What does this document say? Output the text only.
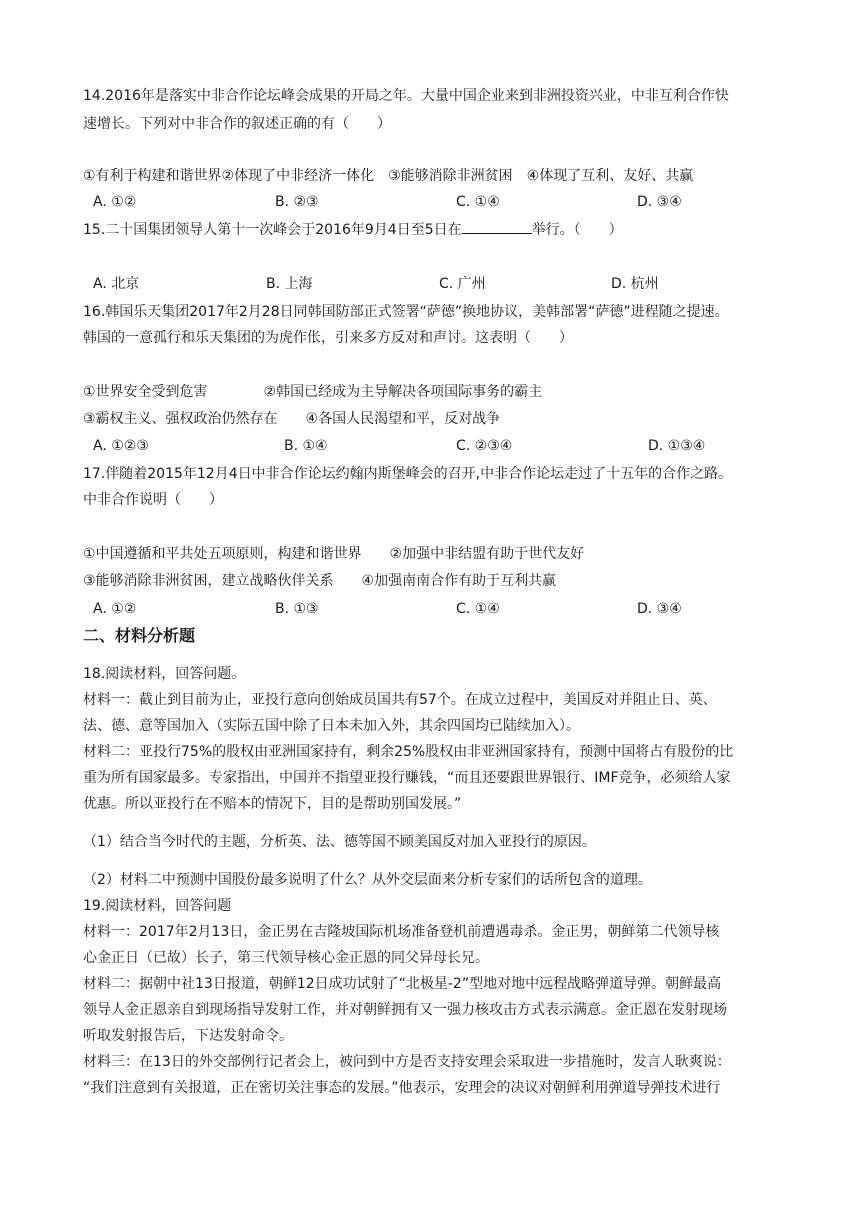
14.2016年是落实中非合作论坛峰会成果的开局之年。大量中国企业来到非洲投资兴业，中非互利合作快
速增长。下列对中非合作的叙述正确的有（　　）
①有利于构建和谐世界②体现了中非经济一体化　③能够消除非洲贫困　④体现了互利、友好、共赢
A. ①②	B. ②③	C. ①④	D. ③④
15.二十国集团领导人第十一次峰会于2016年9月4日至5日在	举行。（　　）
A. 北京	B. 上海	C. 广州	D. 杭州
16.韩国乐天集团2017年2月28日同韩国防部正式签署“萨德”换地协议，美韩部署“萨德”进程随之提速。
韩国的一意孤行和乐天集团的为虎作伥，引来多方反对和声讨。这表明（　　）
①世界安全受到危害　　　　②韩国已经成为主导解决各项国际事务的霸主
③霸权主义、强权政治仍然存在　　④各国人民渴望和平，反对战争
A. ①②③	B. ①④	C. ②③④	D. ①③④
17.伴随着2015年12月4日中非合作论坛约翰内斯堡峰会的召开,中非合作论坛走过了十五年的合作之路。
中非合作说明（　　）
①中国遵循和平共处五项原则，构建和谐世界　　②加强中非结盟有助于世代友好
③能够消除非洲贫困，建立战略伙伴关系　　④加强南南合作有助于互利共赢
A. ①②	B. ①③	C. ①④	D. ③④
二、材料分析题
18.阅读材料，回答问题。
材料一：截止到目前为止，亚投行意向创始成员国共有57个。在成立过程中，美国反对并阻止日、英、
法、德、意等国加入（实际五国中除了日本未加入外，其余四国均已陆续加入）。
材料二：亚投行75%的股权由亚洲国家持有，剩余25%股权由非亚洲国家持有，预测中国将占有股份的比
重为所有国家最多。专家指出，中国并不指望亚投行赚钱，“而且还要跟世界银行、IMF竞争，必须给人家
优惠。所以亚投行在不赔本的情况下，目的是帮助别国发展。”
（1）结合当今时代的主题，分析英、法、德等国不顾美国反对加入亚投行的原因。
（2）材料二中预测中国股份最多说明了什么？从外交层面来分析专家们的话所包含的道理。
19.阅读材料，回答问题
材料一：2017年2月13日，金正男在吉隆坡国际机场准备登机前遭遇毒杀。金正男，朝鲜第二代领导核
心金正日（已故）长子，第三代领导核心金正恩的同父异母长兄。
材料二：据朝中社13日报道，朝鲜12日成功试射了“北极星-2”型地对地中远程战略弹道导弹。朝鲜最高
领导人金正恩亲自到现场指导发射工作，并对朝鲜拥有又一强力核攻击方式表示满意。金正恩在发射现场
听取发射报告后，下达发射命令。
材料三：在13日的外交部例行记者会上，被问到中方是否支持安理会采取进一步措施时，发言人耿爽说：
“我们注意到有关报道，正在密切关注事态的发展。”他表示，安理会的决议对朝鲜利用弹道导弹技术进行
